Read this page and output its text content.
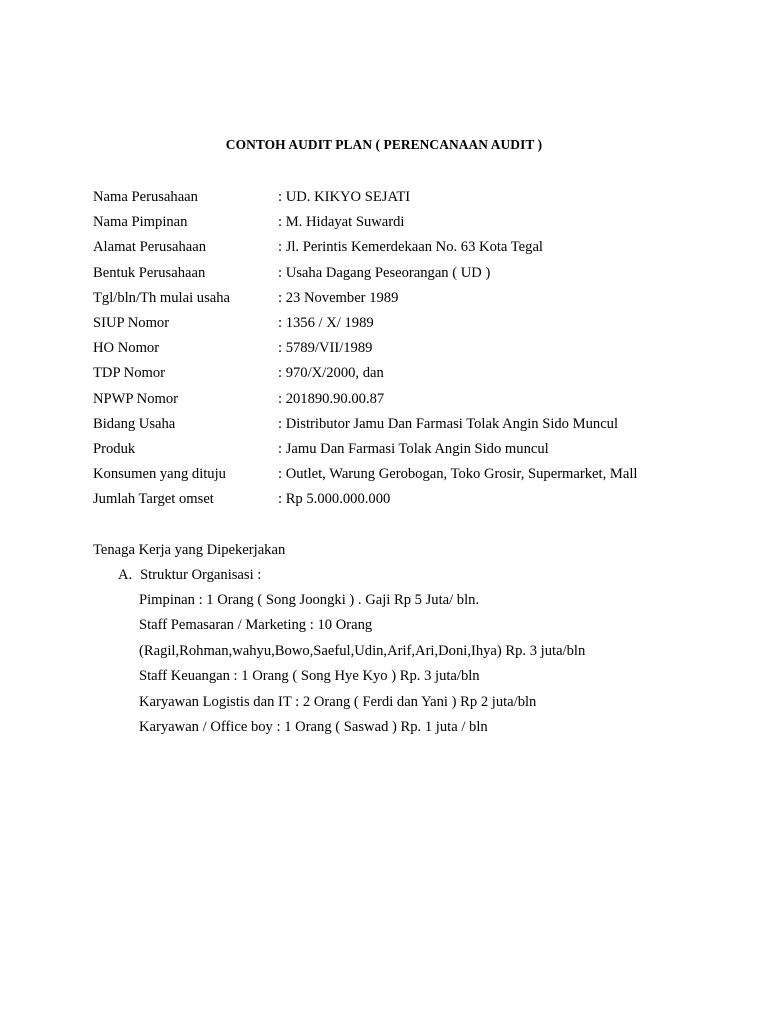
CONTOH AUDIT PLAN ( PERENCANAAN AUDIT )
Nama Perusahaan	: UD. KIKYO SEJATI
Nama Pimpinan	: M. Hidayat Suwardi
Alamat Perusahaan	: Jl. Perintis Kemerdekaan No. 63 Kota Tegal
Bentuk Perusahaan	: Usaha Dagang Peseorangan ( UD )
Tgl/bln/Th mulai usaha	: 23 November 1989
SIUP Nomor	: 1356 / X/ 1989
HO Nomor	: 5789/VII/1989
TDP Nomor	: 970/X/2000, dan
NPWP Nomor	: 201890.90.00.87
Bidang Usaha	: Distributor Jamu Dan Farmasi Tolak Angin Sido Muncul
Produk	: Jamu Dan Farmasi Tolak Angin Sido muncul
Konsumen yang dituju	: Outlet, Warung Gerobogan, Toko Grosir, Supermarket, Mall
Jumlah Target omset	: Rp 5.000.000.000
Tenaga Kerja yang Dipekerjakan
A. Struktur Organisasi :
Pimpinan : 1 Orang ( Song Joongki ) . Gaji Rp 5 Juta/ bln.
Staff Pemasaran / Marketing : 10 Orang
(Ragil,Rohman,wahyu,Bowo,Saeful,Udin,Arif,Ari,Doni,Ihya) Rp. 3 juta/bln
Staff Keuangan : 1 Orang ( Song Hye Kyo ) Rp. 3 juta/bln
Karyawan Logistis dan IT : 2 Orang ( Ferdi dan Yani ) Rp 2 juta/bln
Karyawan / Office boy : 1 Orang ( Saswad ) Rp. 1 juta / bln
